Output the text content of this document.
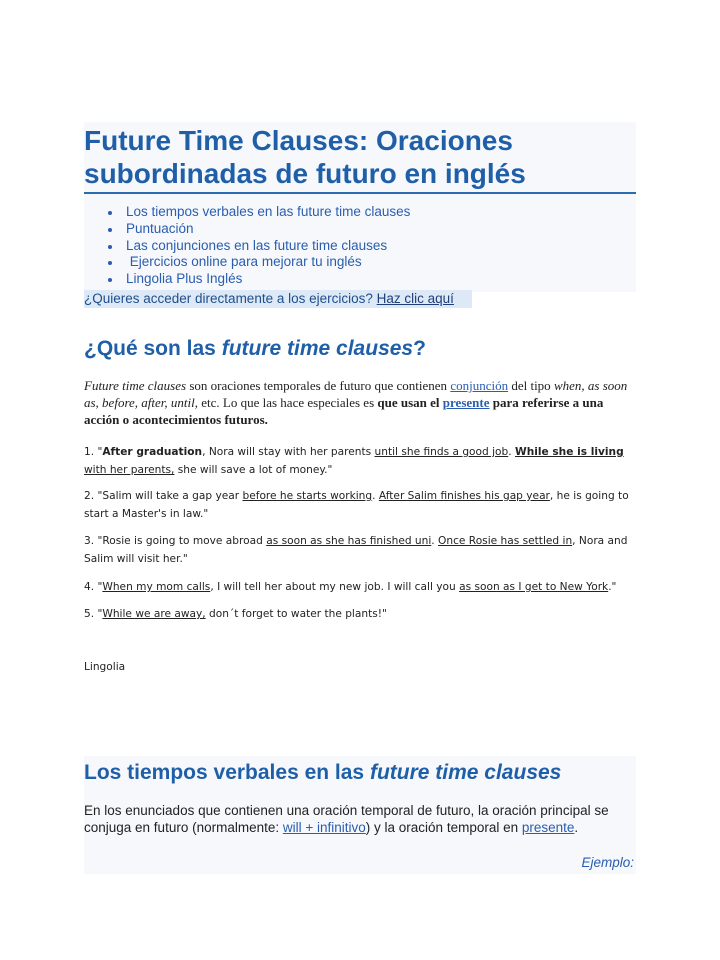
Future Time Clauses: Oraciones subordinadas de futuro en inglés
Los tiempos verbales en las future time clauses
Puntuación
Las conjunciones en las future time clauses
Ejercicios online para mejorar tu inglés
Lingolia Plus Inglés
¿Quieres acceder directamente a los ejercicios? Haz clic aquí
¿Qué son las future time clauses?

Future time clauses son oraciones temporales de futuro que contienen conjunción del tipo when, as soon as, before, after, until, etc. Lo que las hace especiales es que usan el presente para referirse a una acción o acontecimientos futuros.

1. "After graduation, Nora will stay with her parents until she finds a good job. While she is living with her parents, she will save a lot of money."

2. "Salim will take a gap year before he starts working. After Salim finishes his gap year, he is going to start a Master's in law."

3. "Rosie is going to move abroad as soon as she has finished uni. Once Rosie has settled in, Nora and Salim will visit her."

4. "When my mom calls, I will tell her about my new job. I will call you as soon as I get to New York."

5. "While we are away, don´t forget to water the plants!"

Lingolia

Los tiempos verbales en las future time clauses

En los enunciados que contienen una oración temporal de futuro, la oración principal se conjuga en futuro (normalmente: will + infinitivo) y la oración temporal en presente.

Ejemplo:
